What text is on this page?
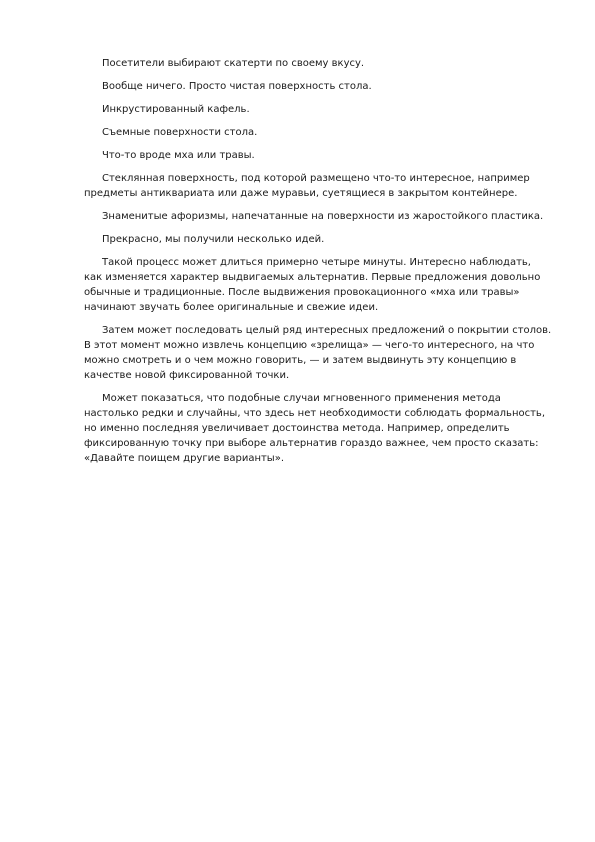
Посетители выбирают скатерти по своему вкусу.

Вообще ничего. Просто чистая поверхность стола.

Инкрустированный кафель.

Съемные поверхности стола.

Что-то вроде мха или травы.

Стеклянная поверхность, под которой размещено что-то интересное, например предметы антиквариата или даже муравьи, суетящиеся в закрытом контейнере.

Знаменитые афоризмы, напечатанные на поверхности из жаростойкого пластика.

Прекрасно, мы получили несколько идей.

Такой процесс может длиться примерно четыре минуты. Интересно наблюдать, как изменяется характер выдвигаемых альтернатив. Первые предложения довольно обычные и традиционные. После выдвижения провокационного «мха или травы» начинают звучать более оригинальные и свежие идеи.

Затем может последовать целый ряд интересных предложений о покрытии столов. В этот момент можно извлечь концепцию «зрелища» — чего-то интересного, на что можно смотреть и о чем можно говорить, — и затем выдвинуть эту концепцию в качестве новой фиксированной точки.

Может показаться, что подобные случаи мгновенного применения метода настолько редки и случайны, что здесь нет необходимости соблюдать формальность, но именно последняя увеличивает достоинства метода. Например, определить фиксированную точку при выборе альтернатив гораздо важнее, чем просто сказать: «Давайте поищем другие варианты».
